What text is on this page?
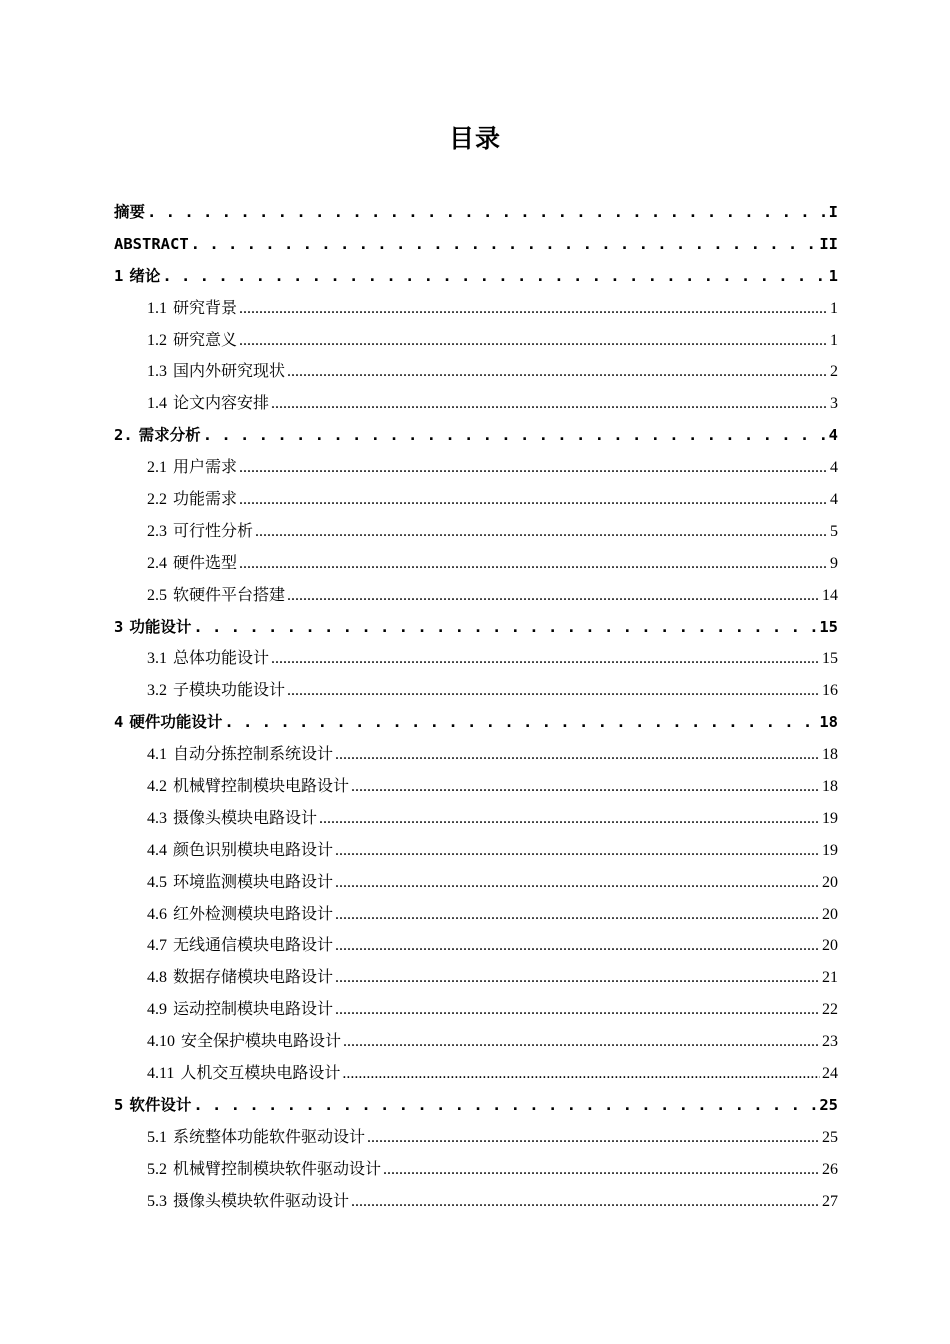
目录
摘要 . . .	I
ABSTRACT . . .	II
1 绪论 . . .	1
1.1 研究背景 .....	1
1.2 研究意义 .....	1
1.3 国内外研究现状 .....	2
1.4 论文内容安排 .....	3
2. 需求分析 . . .	4
2.1 用户需求 .....	4
2.2 功能需求 .....	4
2.3 可行性分析 .....	5
2.4 硬件选型 .....	9
2.5 软硬件平台搭建 .....	14
3 功能设计 . . .	15
3.1 总体功能设计 .....	15
3.2 子模块功能设计 .....	16
4 硬件功能设计 . . .	18
4.1 自动分拣控制系统设计 .....	18
4.2 机械臂控制模块电路设计 .....	18
4.3 摄像头模块电路设计 .....	19
4.4 颜色识别模块电路设计 .....	19
4.5 环境监测模块电路设计 .....	20
4.6 红外检测模块电路设计 .....	20
4.7 无线通信模块电路设计 .....	20
4.8 数据存储模块电路设计 .....	21
4.9 运动控制模块电路设计 .....	22
4.10 安全保护模块电路设计 .....	23
4.11 人机交互模块电路设计 .....	24
5 软件设计 . . .	25
5.1 系统整体功能软件驱动设计 .....	25
5.2 机械臂控制模块软件驱动设计 .....	26
5.3 摄像头模块软件驱动设计 .....	27
